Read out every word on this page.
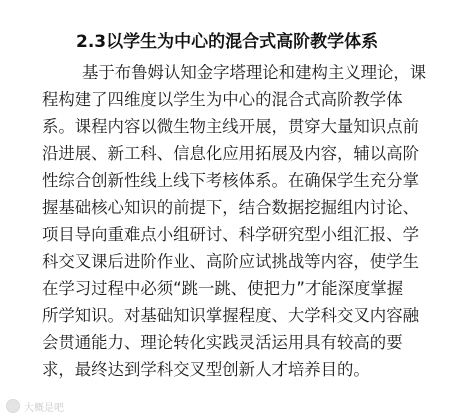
2.3以学生为中心的混合式高阶教学体系
基于布鲁姆认知金字塔理论和建构主义理论，课
程构建了四维度以学生为中心的混合式高阶教学体
系。课程内容以微生物主线开展，贯穿大量知识点前
沿进展、新工科、信息化应用拓展及内容，辅以高阶
性综合创新性线上线下考核体系。在确保学生充分掌
握基础核心知识的前提下，结合数据挖掘组内讨论、
项目导向重难点小组研讨、科学研究型小组汇报、学
科交叉课后进阶作业、高阶应试挑战等内容，使学生
在学习过程中必须“跳一跳、使把力”才能深度掌握
所学知识。对基础知识掌握程度、大学科交叉内容融
会贯通能力、理论转化实践灵活运用具有较高的要
求，最终达到学科交叉型创新人才培养目的。
大概是吧
